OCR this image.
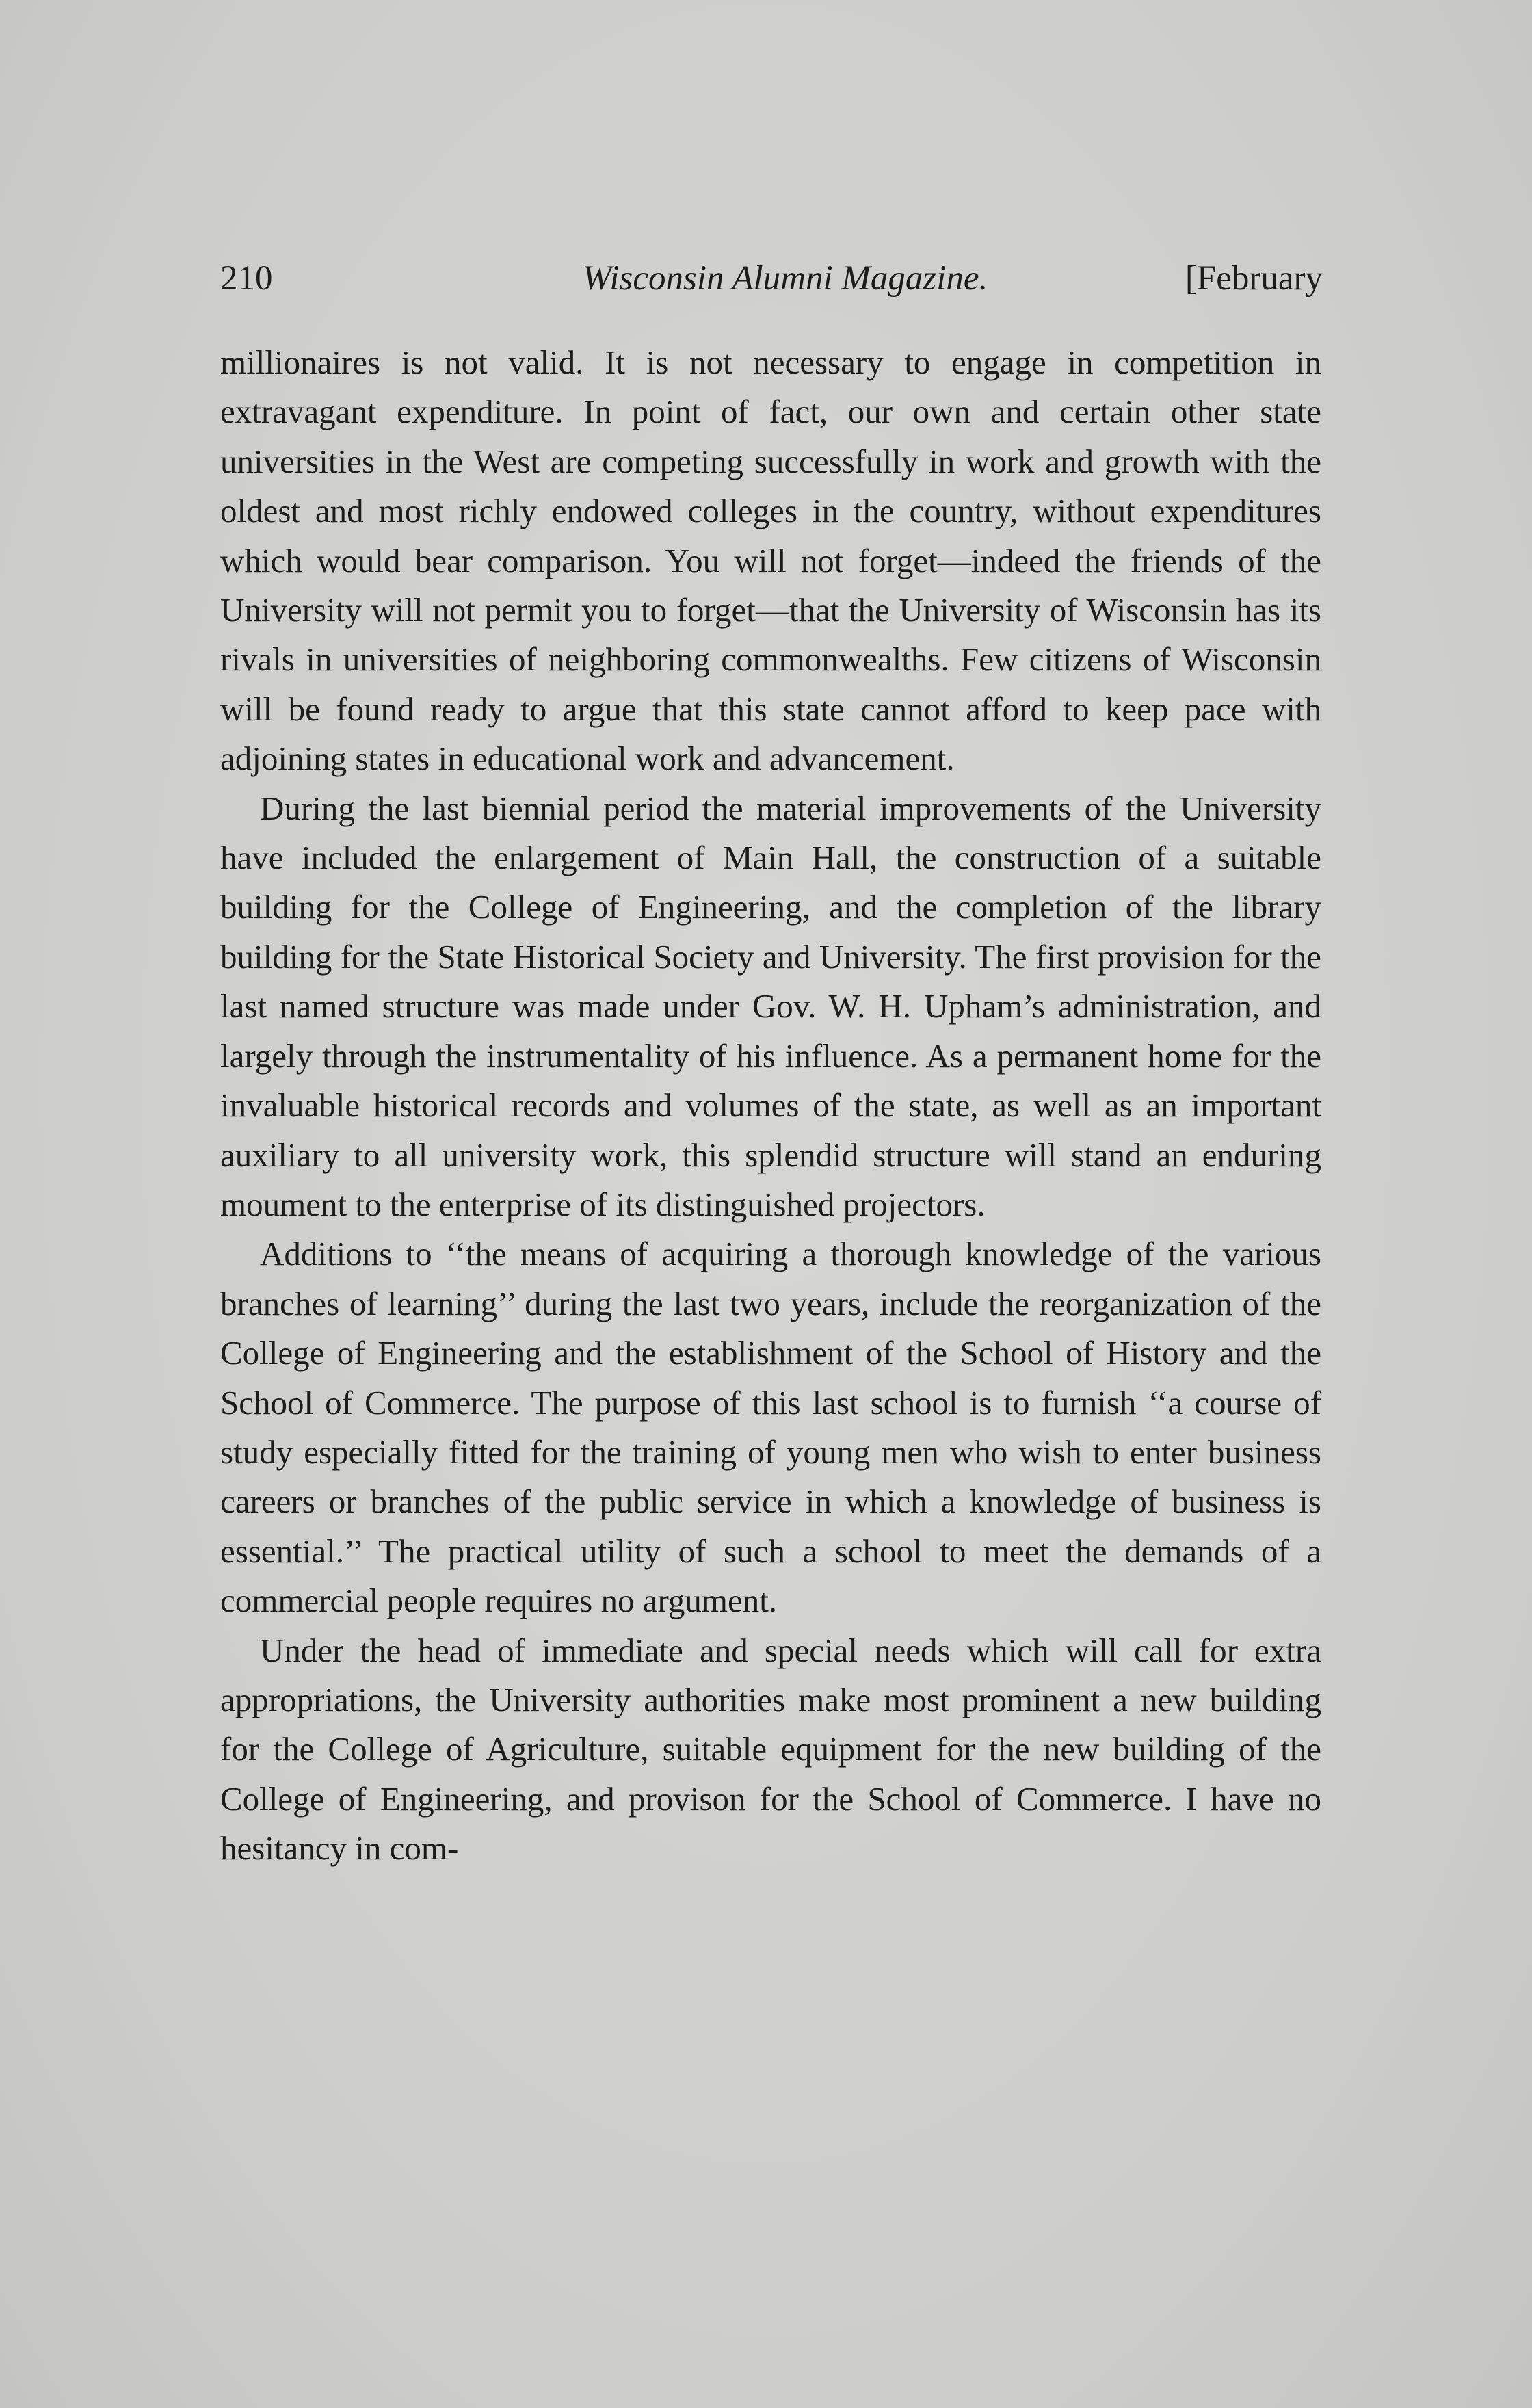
210	Wisconsin Alumni Magazine.	[February

millionaires is not valid. It is not necessary to engage in competition in extravagant expenditure. In point of fact, our own and certain other state universities in the West are competing successfully in work and growth with the oldest and most richly endowed colleges in the country, without expenditures which would bear comparison. You will not forget—indeed the friends of the University will not permit you to forget—that the University of Wisconsin has its rivals in universities of neighboring commonwealths. Few citizens of Wisconsin will be found ready to argue that this state cannot afford to keep pace with adjoining states in educational work and advancement.

During the last biennial period the material improvements of the University have included the enlargement of Main Hall, the construction of a suitable building for the College of Engineering, and the completion of the library building for the State Historical Society and University. The first provision for the last named structure was made under Gov. W. H. Upham’s administration, and largely through the instrumentality of his influence. As a permanent home for the invaluable historical records and volumes of the state, as well as an important auxiliary to all university work, this splendid structure will stand an enduring moument to the enterprise of its distinguished projectors.

Additions to ‘‘the means of acquiring a thorough knowledge of the various branches of learning’’ during the last two years, include the reorganization of the College of Engineering and the establishment of the School of History and the School of Commerce. The purpose of this last school is to furnish ‘‘a course of study especially fitted for the training of young men who wish to enter business careers or branches of the public service in which a knowledge of business is essential.’’ The practical utility of such a school to meet the demands of a commercial people requires no argument.

Under the head of immediate and special needs which will call for extra appropriations, the University authorities make most prominent a new building for the College of Agriculture, suitable equipment for the new building of the College of Engineering, and provison for the School of Commerce. I have no hesitancy in com-
